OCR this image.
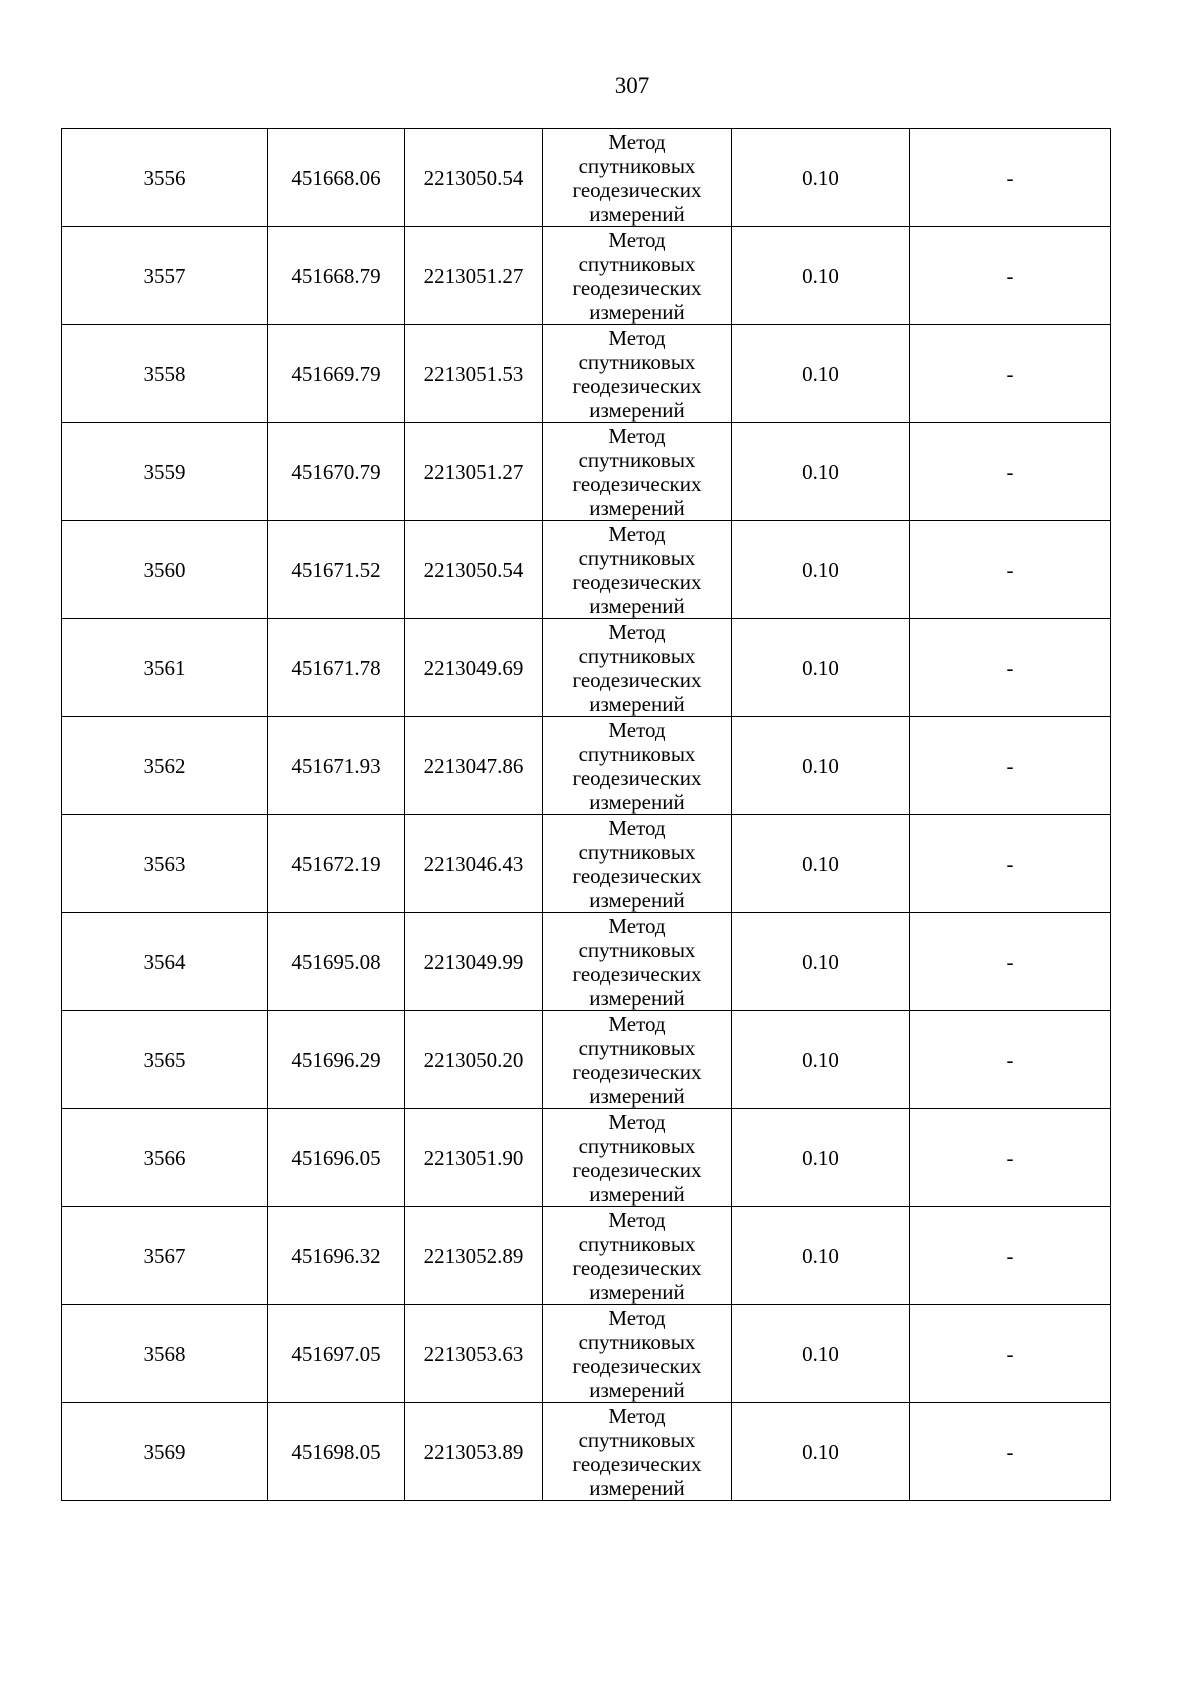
307
3556	451668.06	2213050.54	Метод
спутниковых
геодезических
измерений	0.10	-
3557	451668.79	2213051.27	Метод
спутниковых
геодезических
измерений	0.10	-
3558	451669.79	2213051.53	Метод
спутниковых
геодезических
измерений	0.10	-
3559	451670.79	2213051.27	Метод
спутниковых
геодезических
измерений	0.10	-
3560	451671.52	2213050.54	Метод
спутниковых
геодезических
измерений	0.10	-
3561	451671.78	2213049.69	Метод
спутниковых
геодезических
измерений	0.10	-
3562	451671.93	2213047.86	Метод
спутниковых
геодезических
измерений	0.10	-
3563	451672.19	2213046.43	Метод
спутниковых
геодезических
измерений	0.10	-
3564	451695.08	2213049.99	Метод
спутниковых
геодезических
измерений	0.10	-
3565	451696.29	2213050.20	Метод
спутниковых
геодезических
измерений	0.10	-
3566	451696.05	2213051.90	Метод
спутниковых
геодезических
измерений	0.10	-
3567	451696.32	2213052.89	Метод
спутниковых
геодезических
измерений	0.10	-
3568	451697.05	2213053.63	Метод
спутниковых
геодезических
измерений	0.10	-
3569	451698.05	2213053.89	Метод
спутниковых
геодезических
измерений	0.10	-
